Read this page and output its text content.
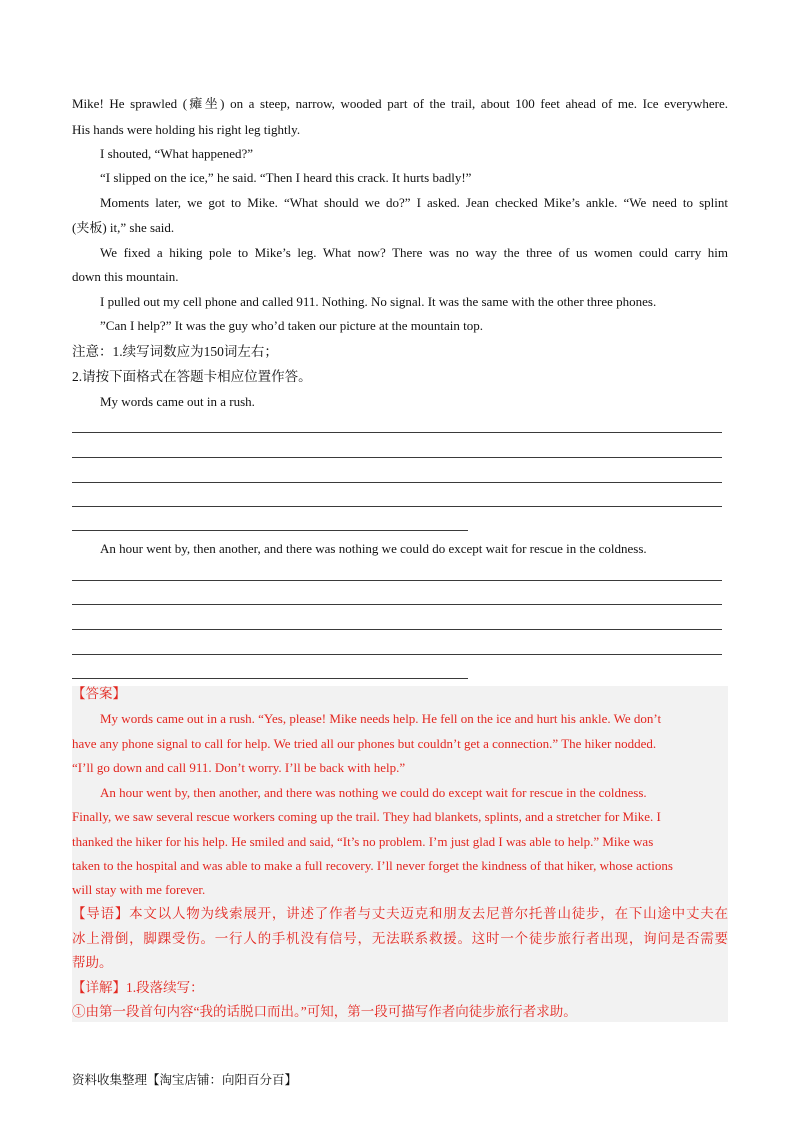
Mike! He sprawled (瘫坐) on a steep, narrow, wooded part of the trail, about 100 feet ahead of me. Ice everywhere.
His hands were holding his right leg tightly.
I shouted, “What happened?”
“I slipped on the ice,” he said. “Then I heard this crack. It hurts badly!”
Moments later, we got to Mike. “What should we do?” I asked. Jean checked Mike’s ankle. “We need to splint
(夹板) it,” she said.
We fixed a hiking pole to Mike’s leg. What now? There was no way the three of us women could carry him
down this mountain.
I pulled out my cell phone and called 911. Nothing. No signal. It was the same with the other three phones.
”Can I help?” It was the guy who’d taken our picture at the mountain top.
注意：1.续写词数应为150词左右；
2.请按下面格式在答题卡相应位置作答。
My words came out in a rush.
An hour went by, then another, and there was nothing we could do except wait for rescue in the coldness.
【答案】
My words came out in a rush. “Yes, please! Mike needs help. He fell on the ice and hurt his ankle. We don’t
have any phone signal to call for help. We tried all our phones but couldn’t get a connection.” The hiker nodded.
“I’ll go down and call 911. Don’t worry. I’ll be back with help.”
An hour went by, then another, and there was nothing we could do except wait for rescue in the coldness.
Finally, we saw several rescue workers coming up the trail. They had blankets, splints, and a stretcher for Mike. I
thanked the hiker for his help. He smiled and said, “It’s no problem. I’m just glad I was able to help.” Mike was
taken to the hospital and was able to make a full recovery. I’ll never forget the kindness of that hiker, whose actions
will stay with me forever.
【导语】本文以人物为线索展开，讲述了作者与丈夫迈克和朋友去尼普尔托普山徒步，在下山途中丈夫在
冰上滑倒，脚踝受伤。一行人的手机没有信号，无法联系救援。这时一个徒步旅行者出现，询问是否需要
帮助。
【详解】1.段落续写：
①由第一段首句内容“我的话脱口而出。”可知，第一段可描写作者向徒步旅行者求助。
资料收集整理【淘宝店铺：向阳百分百】
